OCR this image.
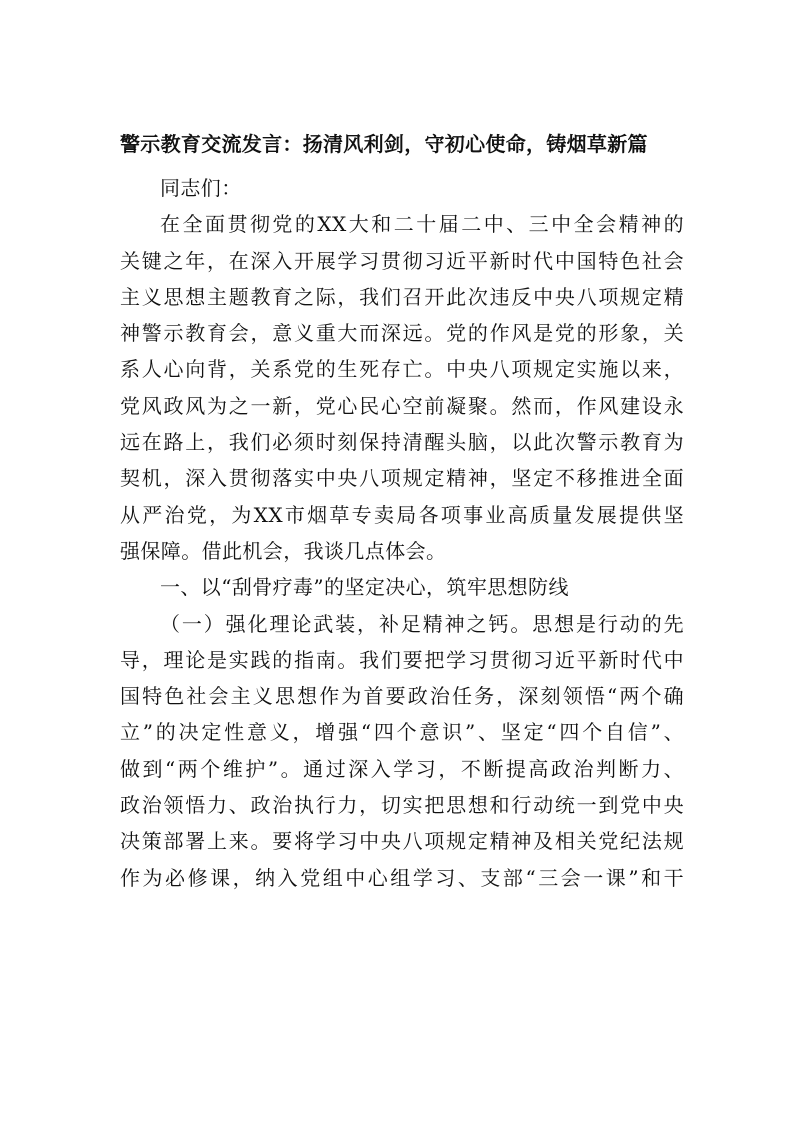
警示教育交流发言：扬清风利剑，守初心使命，铸烟草新篇
同志们：
在全面贯彻党的XX大和二十届二中、三中全会精神的
关键之年，在深入开展学习贯彻习近平新时代中国特色社会
主义思想主题教育之际，我们召开此次违反中央八项规定精
神警示教育会，意义重大而深远。党的作风是党的形象，关
系人心向背，关系党的生死存亡。中央八项规定实施以来，
党风政风为之一新，党心民心空前凝聚。然而，作风建设永
远在路上，我们必须时刻保持清醒头脑，以此次警示教育为
契机，深入贯彻落实中央八项规定精神，坚定不移推进全面
从严治党，为XX市烟草专卖局各项事业高质量发展提供坚
强保障。借此机会，我谈几点体会。
一、以“刮骨疗毒”的坚定决心，筑牢思想防线
（一）强化理论武装，补足精神之钙。思想是行动的先
导，理论是实践的指南。我们要把学习贯彻习近平新时代中
国特色社会主义思想作为首要政治任务，深刻领悟“两个确
立”的决定性意义，增强“四个意识”、坚定“四个自信”、
做到“两个维护”。通过深入学习，不断提高政治判断力、
政治领悟力、政治执行力，切实把思想和行动统一到党中央
决策部署上来。要将学习中央八项规定精神及相关党纪法规
作为必修课，纳入党组中心组学习、支部“三会一课”和干
